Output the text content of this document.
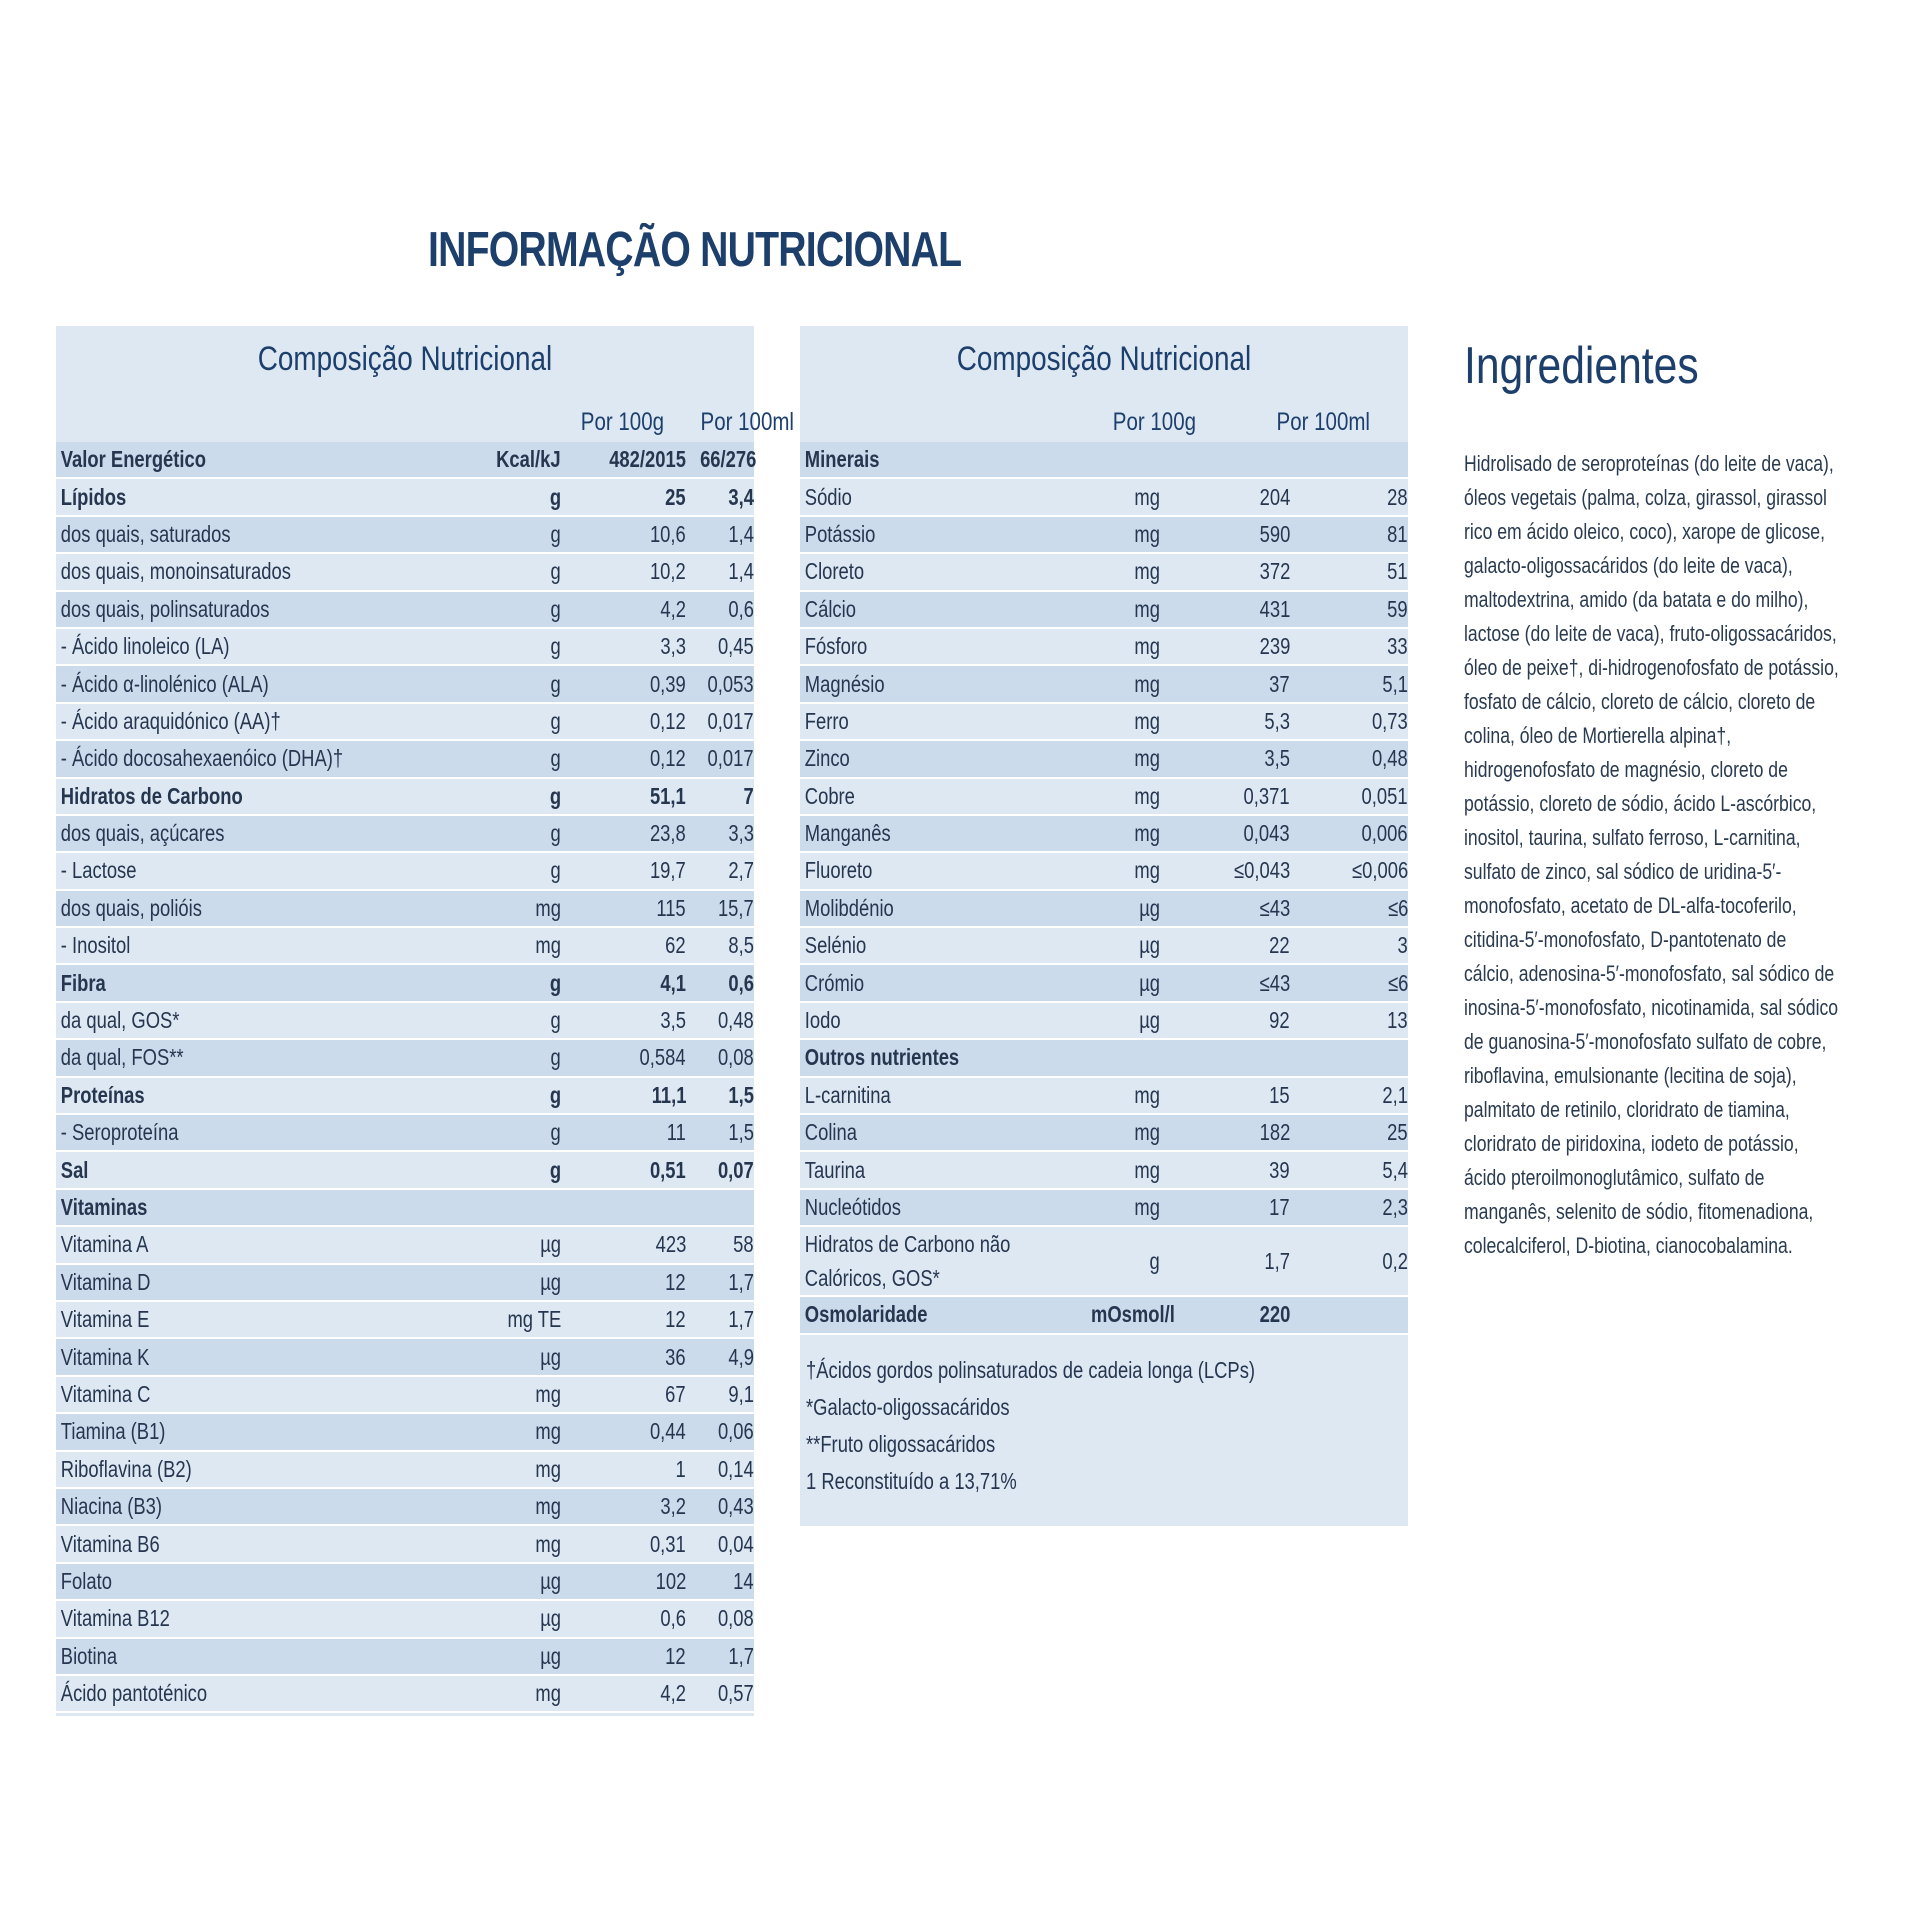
INFORMAÇÃO NUTRICIONAL
Composição Nutricional
Por 100g	Por 100ml
Valor Energético	Kcal/kJ	482/2015	66/276
Lípidos	g	25	3,4
dos quais, saturados	g	10,6	1,4
dos quais, monoinsaturados	g	10,2	1,4
dos quais, polinsaturados	g	4,2	0,6
- Ácido linoleico (LA)	g	3,3	0,45
- Ácido α-linolénico (ALA)	g	0,39	0,053
- Ácido araquidónico (AA)†	g	0,12	0,017
- Ácido docosahexaenóico (DHA)†	g	0,12	0,017
Hidratos de Carbono	g	51,1	7
dos quais, açúcares	g	23,8	3,3
- Lactose	g	19,7	2,7
dos quais, polióis	mg	115	15,7
- Inositol	mg	62	8,5
Fibra	g	4,1	0,6
da qual, GOS*	g	3,5	0,48
da qual, FOS**	g	0,584	0,08
Proteínas	g	11,1	1,5
- Seroproteína	g	11	1,5
Sal	g	0,51	0,07
Vitaminas			
Vitamina A	µg	423	58
Vitamina D	µg	12	1,7
Vitamina E	mg TE	12	1,7
Vitamina K	µg	36	4,9
Vitamina C	mg	67	9,1
Tiamina (B1)	mg	0,44	0,06
Riboflavina (B2)	mg	1	0,14
Niacina (B3)	mg	3,2	0,43
Vitamina B6	mg	0,31	0,04
Folato	µg	102	14
Vitamina B12	µg	0,6	0,08
Biotina	µg	12	1,7
Ácido pantoténico	mg	4,2	0,57
Composição Nutricional
Por 100g	Por 100ml
Minerais			
Sódio	mg	204	28
Potássio	mg	590	81
Cloreto	mg	372	51
Cálcio	mg	431	59
Fósforo	mg	239	33
Magnésio	mg	37	5,1
Ferro	mg	5,3	0,73
Zinco	mg	3,5	0,48
Cobre	mg	0,371	0,051
Manganês	mg	0,043	0,006
Fluoreto	mg	≤0,043	≤0,006
Molibdénio	µg	≤43	≤6
Selénio	µg	22	3
Crómio	µg	≤43	≤6
Iodo	µg	92	13
Outros nutrientes			
L-carnitina	mg	15	2,1
Colina	mg	182	25
Taurina	mg	39	5,4
Nucleótidos	mg	17	2,3
Hidratos de Carbono não Calóricos, GOS*	g	1,7	0,2
Osmolaridade	mOsmol/l	220	
†Ácidos gordos polinsaturados de cadeia longa (LCPs)
*Galacto-oligossacáridos
**Fruto oligossacáridos
1 Reconstituído a 13,71%
Ingredientes
Hidrolisado de seroproteínas (do leite de vaca), óleos vegetais (palma, colza, girassol, girassol rico em ácido oleico, coco), xarope de glicose, galacto-oligossacáridos (do leite de vaca), maltodextrina, amido (da batata e do milho), lactose (do leite de vaca), fruto-oligossacáridos, óleo de peixe†, di-hidrogenofosfato de potássio, fosfato de cálcio, cloreto de cálcio, cloreto de colina, óleo de Mortierella alpina†, hidrogenofosfato de magnésio, cloreto de potássio, cloreto de sódio, ácido L-ascórbico, inositol, taurina, sulfato ferroso, L-carnitina, sulfato de zinco, sal sódico de uridina-5′-monofosfato, acetato de DL-alfa-tocoferilo, citidina-5′-monofosfato, D-pantotenato de cálcio, adenosina-5′-monofosfato, sal sódico de inosina-5′-monofosfato, nicotinamida, sal sódico de guanosina-5′-monofosfato sulfato de cobre, riboflavina, emulsionante (lecitina de soja), palmitato de retinilo, cloridrato de tiamina, cloridrato de piridoxina, iodeto de potássio, ácido pteroilmonoglutâmico, sulfato de manganês, selenito de sódio, fitomenadiona, colecalciferol, D-biotina, cianocobalamina.
